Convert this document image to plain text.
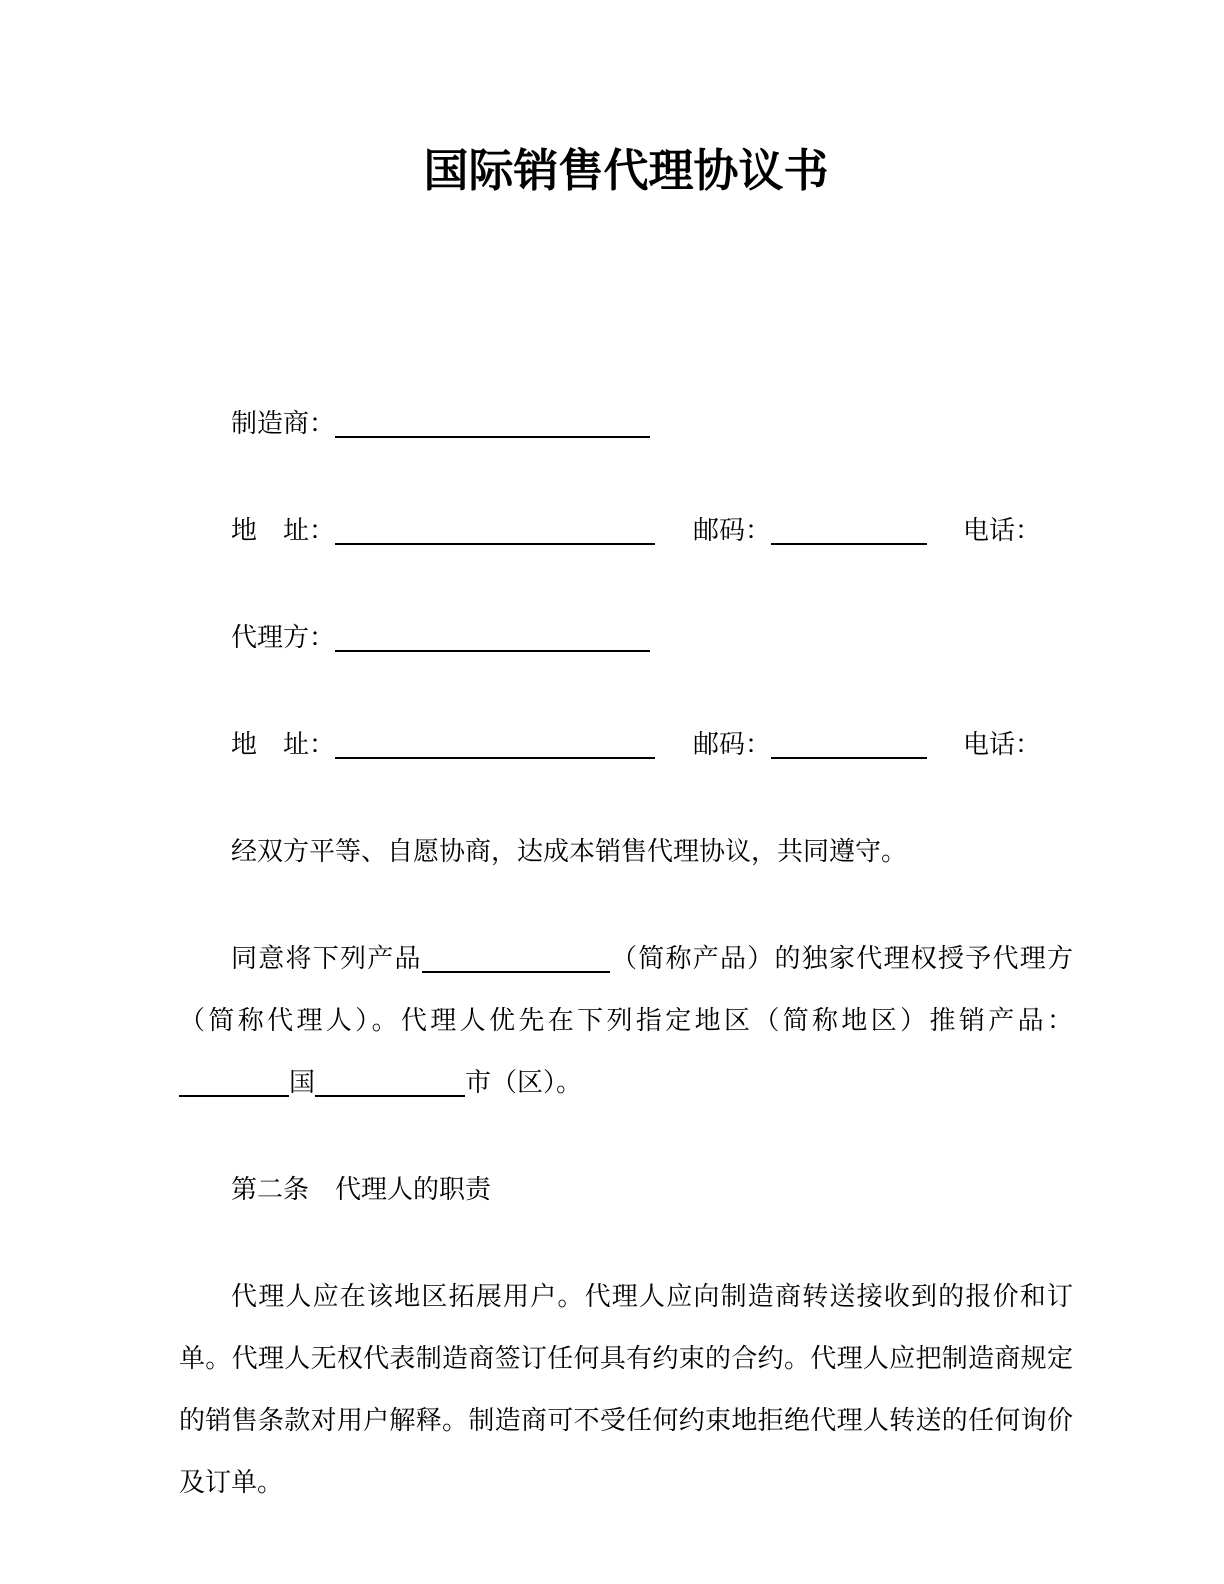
国际销售代理协议书

制造商：

地　址：	邮码：	电话：

代理方：

地　址：	邮码：	电话：

经双方平等、自愿协商，达成本销售代理协议，共同遵守。

同意将下列产品	（简称产品）的独家代理权授予代理方（简称代理人）。代理人优先在下列指定地区（简称地区）推销产品：国	市（区）。

第二条　代理人的职责

代理人应在该地区拓展用户。代理人应向制造商转送接收到的报价和订单。代理人无权代表制造商签订任何具有约束的合约。代理人应把制造商规定的销售条款对用户解释。制造商可不受任何约束地拒绝代理人转送的任何询价及订单。
